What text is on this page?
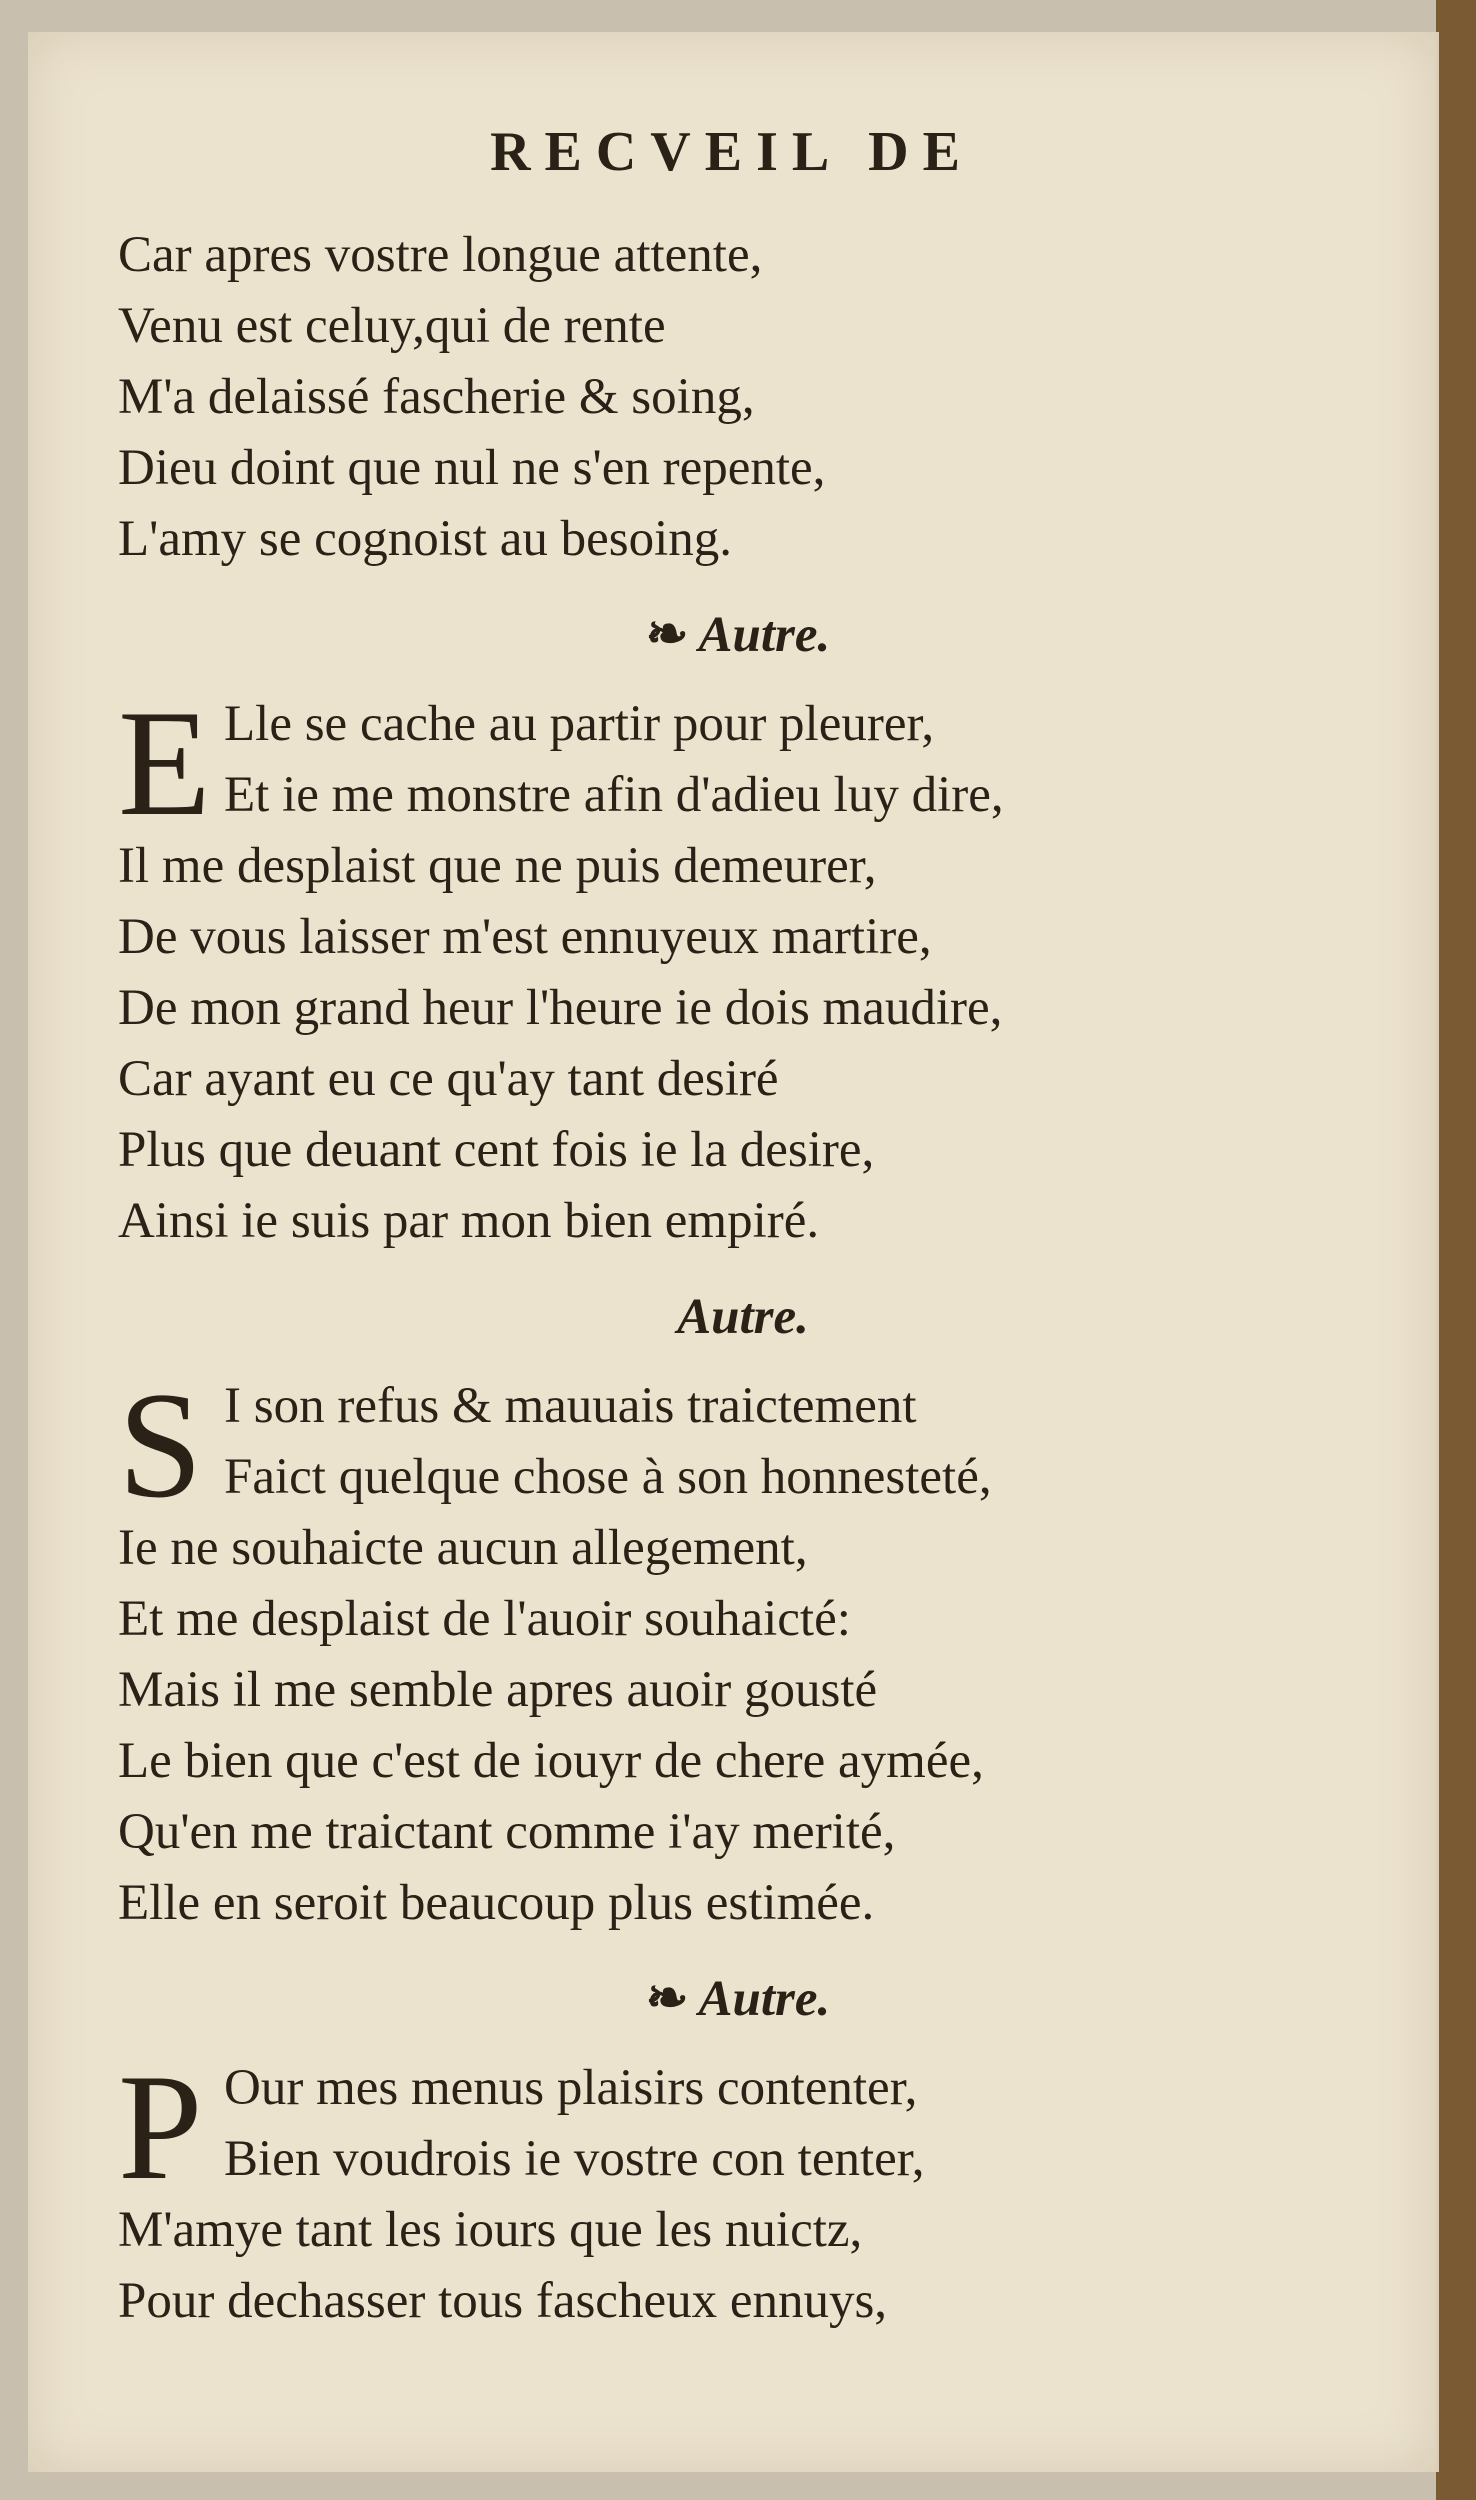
RECVEIL DE
Car apres vostre longue attente,
Venu est celuy,qui de rente
M'a delaissé fascherie & soing,
Dieu doint que nul ne s'en repente,
L'amy se cognoist au besoing.
❧ Autre.
E Lle se cache au partir pour pleurer,
Et ie me monstre afin d'adieu luy dire,
Il me desplaist que ne puis demeurer,
De vous laisser m'est ennuyeux martire,
De mon grand heur l'heure ie dois maudire,
Car ayant eu ce qu'ay tant desiré
Plus que deuant cent fois ie la desire,
Ainsi ie suis par mon bien empiré.
Autre.
S I son refus & mauuais traictement
Faict quelque chose à son honnesteté,
Ie ne souhaicte aucun allegement,
Et me desplaist de l'auoir souhaicté:
Mais il me semble apres auoir gousté
Le bien que c'est de iouyr de chere aymée,
Qu'en me traictant comme i'ay merité,
Elle en seroit beaucoup plus estimée.
❧ Autre.
P Our mes menus plaisirs contenter,
Bien voudrois ie vostre con tenter,
M'amye tant les iours que les nuictz,
Pour dechasser tous fascheux ennuys,
